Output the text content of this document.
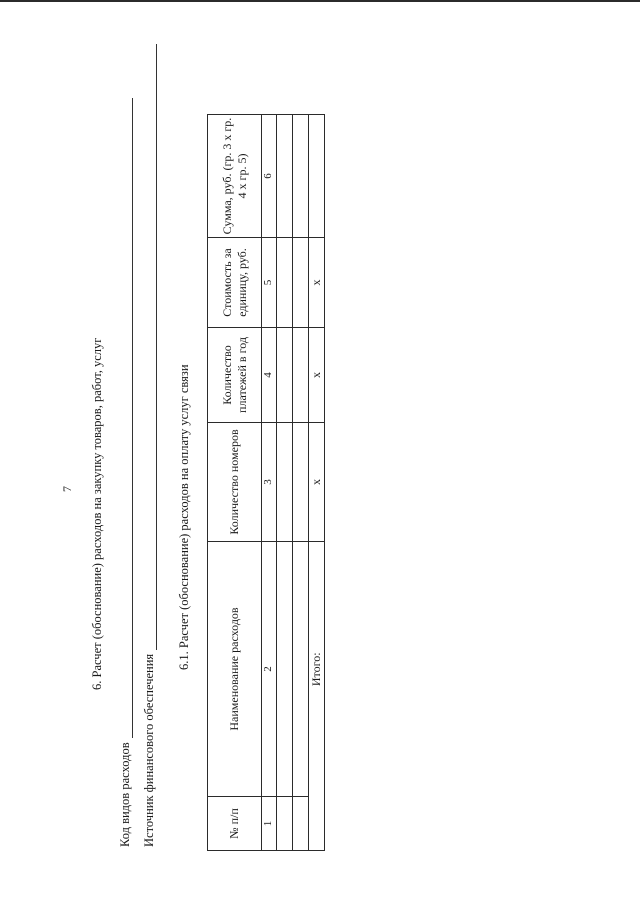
7 6. Расчет (обоснование) расходов на закупку товаров, работ, услуг
Код видов расходов Источник финансового обеспечения
6.1. Расчет (обоснование) расходов на оплату услуг связи
№ п/п	Наименование расходов	Количество номеров	Количество платежей в год	Стоимость за единицу, руб.	Сумма, руб. (гр. 3 х гр. 4 х гр. 5)
1	2	3	4	5	6

	Итого:	x	x	x	
